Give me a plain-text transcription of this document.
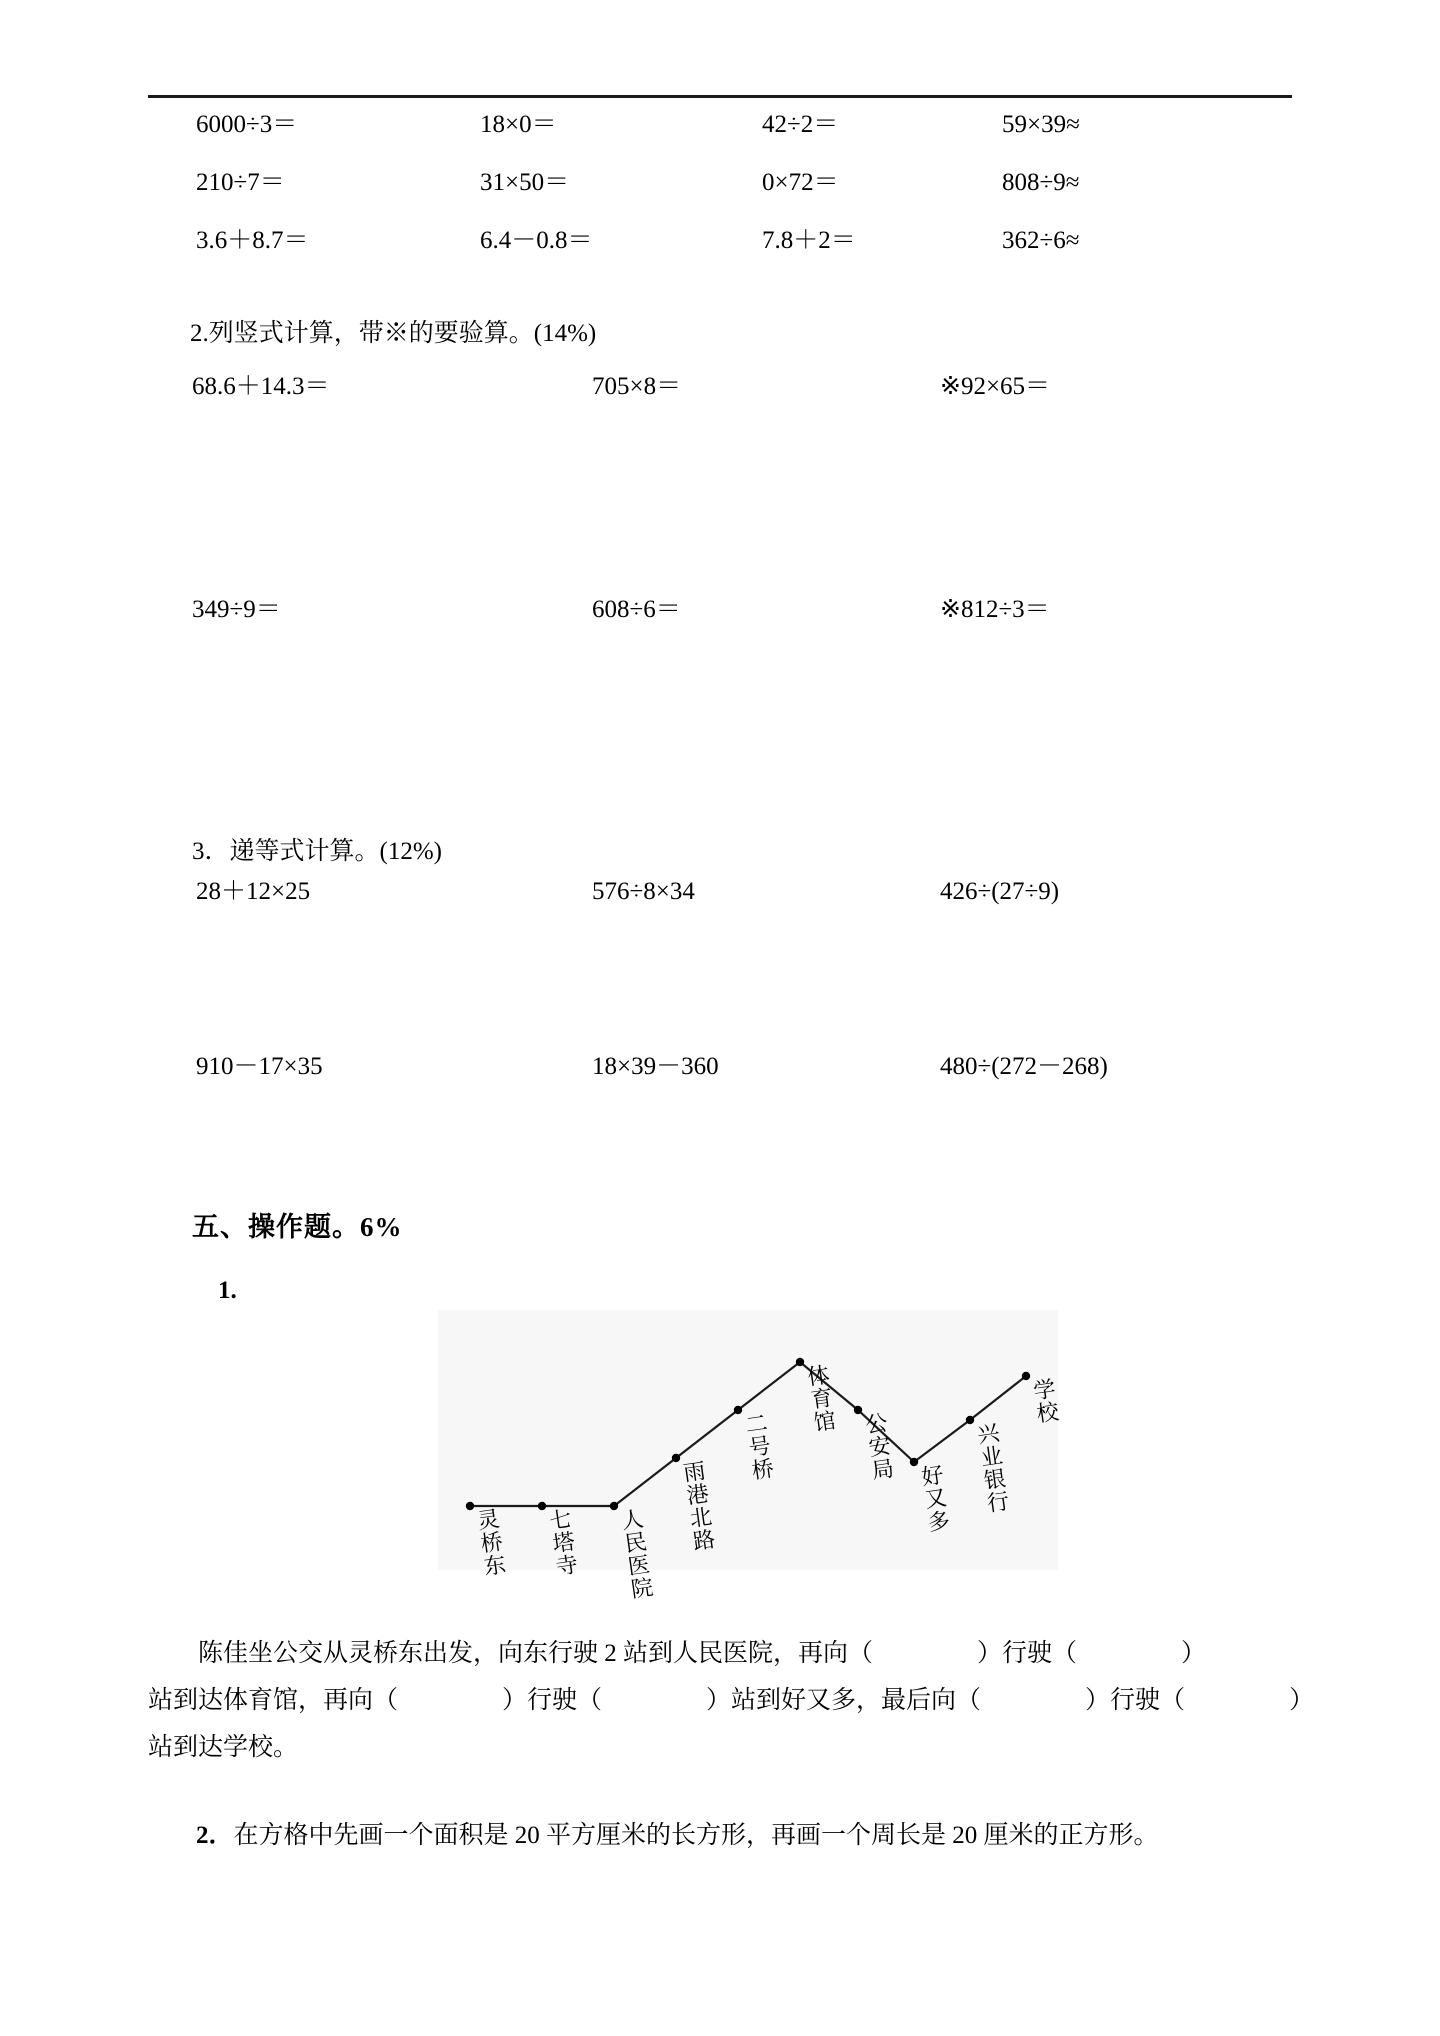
6000÷3＝	18×0＝	42÷2＝	59×39≈
210÷7＝	31×50＝	0×72＝	808÷9≈
3.6＋8.7＝	6.4－0.8＝	7.8＋2＝	362÷6≈
2.列竖式计算，带※的要验算。(14%)
68.6＋14.3＝	705×8＝	※92×65＝
349÷9＝	608÷6＝	※812÷3＝
3．递等式计算。(12%)
28＋12×25	576÷8×34	426÷(27÷9)
910－17×35	18×39－360	480÷(272－268)
五、操作题。6%
1.
灵桥东 七塔寺 人民医院
雨港北路
二号桥
体育馆
公安局
好又多 兴业银行
学校

陈佳坐公交从灵桥东出发，向东行驶 2 站到人民医院，再向（	）行驶（	）

站到达体育馆，再向（	）行驶（	）站到好又多，最后向（	）行驶（	）

站到达学校。

2．在方格中先画一个面积是 20 平方厘米的长方形，再画一个周长是 20 厘米的正方形。
